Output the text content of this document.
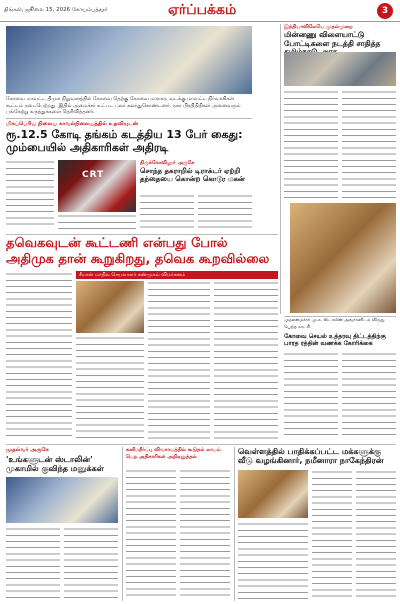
திங்கள், ஜூலை 15, 2026 கோயம்பத்தூர்	ஏர்ப்பக்கம்	3
கோவை மாவட்ட திமுக நிறுவனத்தில் கோவை தெற்கு கோவை மாநகர, வடக்கு மாவட்ட நிர்வாகிகள் கூட்டம் நடைபெற்றது. இதில் அமைச்சர் உட்பட பலர் கலந்துகொண்டனர். நகர பிரதிநிதிகள் அனைவரும் பங்கேற்று கருத்துக்களை தெரிவித்தனர்.
மிகப்பெரிய நிலைய காவல்நிலையத்தில் உதவியுடன்
ரூ.12.5 கோடி தங்கம் கடத்திய 13 பேர் கைது: மும்பையில் அதிகாரிகள் அதிரடி
CRT
இந்தியாவிலேயே முதல்முறை
மின்னணு விளையாட்டு போட்டிகளை நடத்தி சாதித்த
தவெகவுடன் கூட்டணி என்பது போல்
அதிமுக தான் கூறுகிறது, தவெக கூறவில்லை
சீமான் மாநில செயலாளர் சண்முகம் விமர்சனம்
முதலமைச்சர் மு.க. ஸ்டாலின் அவர்களிடம் விருது பெற்ற காட்சி
கோவை செயல் உத்தரவு திட்டத்திற்கு பாரத ரத்தின் வணக்க கோரிக்கை
முதல்வர் அருகே
'உங்களுடன் ஸ்டாலின்' முகாமில் குவிந்த மனுக்கள்
கனிமநீர்ப்பு விவசாயத்தில் கூடுதல் லாபம் பெற அதிகாரிகள் அறிவுறுத்தல்
வெள்ளத்தில் பாதிக்கப்பட்ட மக்களுக்கு வீடு வழங்கினார், நமீனாரா நாகேந்திரன்
திருக்கோவிலூர் அருகே
சொந்த தகராறில் டிராக்டர் ஏற்றி தந்தையை கொன்ற கொடூர மகன்
